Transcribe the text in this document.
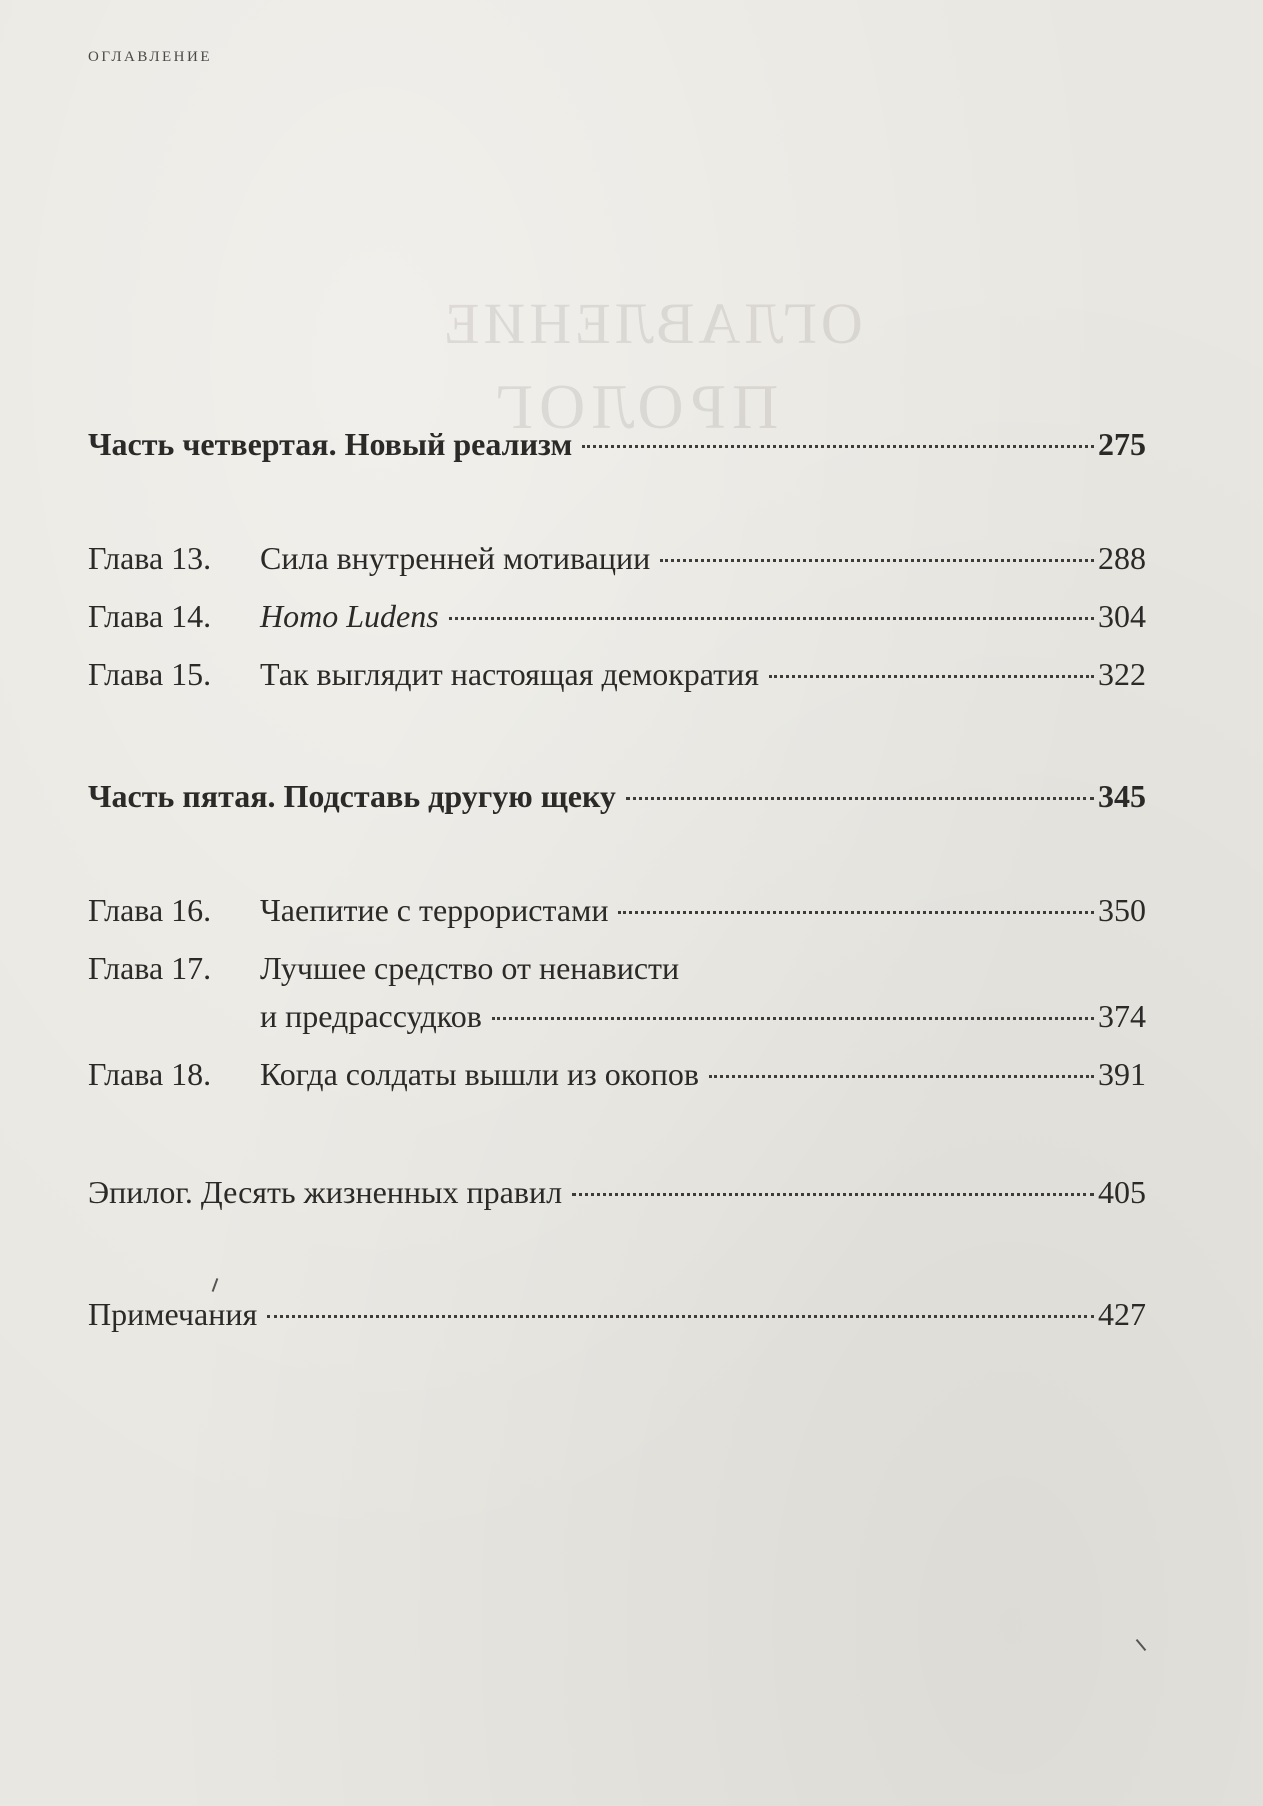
ОГЛАВЛЕНИЕ
ПРОЛОГ
оглавление
Часть четвертая. Новый реализм	275
Глава 13. Сила внутренней мотивации	288
Глава 14. Homo Ludens	304
Глава 15. Так выглядит настоящая демократия	322
Часть пятая. Подставь другую щеку	345
Глава 16. Чаепитие с террористами	350
Глава 17. Лучшее средство от ненависти
и предрассудков	374
Глава 18. Когда солдаты вышли из окопов	391
Эпилог. Десять жизненных правил	405
Примечания	427
